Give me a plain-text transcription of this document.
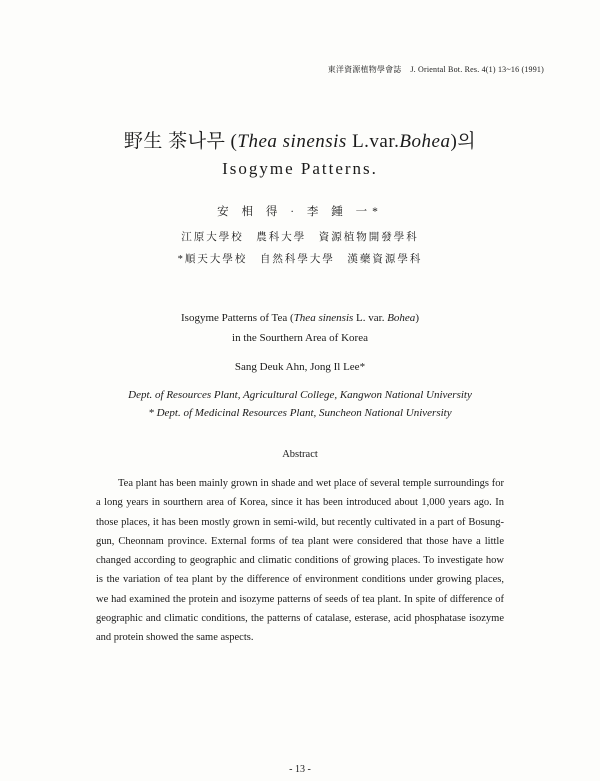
東洋資源植物學會誌 J. Oriental Bot. Res. 4(1) 13~16 (1991)
野生 茶나무 (Thea sinensis L.var.Bohea)의
Isogyme Patterns.
安 相 得 · 李 鍾 一*
江原大學校　農科大學　資源植物開發學科
*順天大學校　自然科學大學　漢藥資源學科
Isogyme Patterns of Tea (Thea sinensis L. var. Bohea)
in the Sourthern Area of Korea
Sang Deuk Ahn, Jong Il Lee*
Dept. of Resources Plant, Agricultural College, Kangwon National University
* Dept. of Medicinal Resources Plant, Suncheon National University
Abstract

Tea plant has been mainly grown in shade and wet place of several temple surroundings for a long years in sourthern area of Korea, since it has been introduced about 1,000 years ago. In those places, it has been mostly grown in semi-wild, but recently cultivated in a part of Bosung-gun, Cheonnam province. External forms of tea plant were considered that those have a little changed according to geographic and climatic conditions of growing places. To investigate how is the variation of tea plant by the difference of environment conditions under growing places, we had examined the protein and isozyme patterns of seeds of tea plant. In spite of difference of geographic and climatic conditions, the patterns of catalase, esterase, acid phosphatase isozyme and protein showed the same aspects.

- 13 -
